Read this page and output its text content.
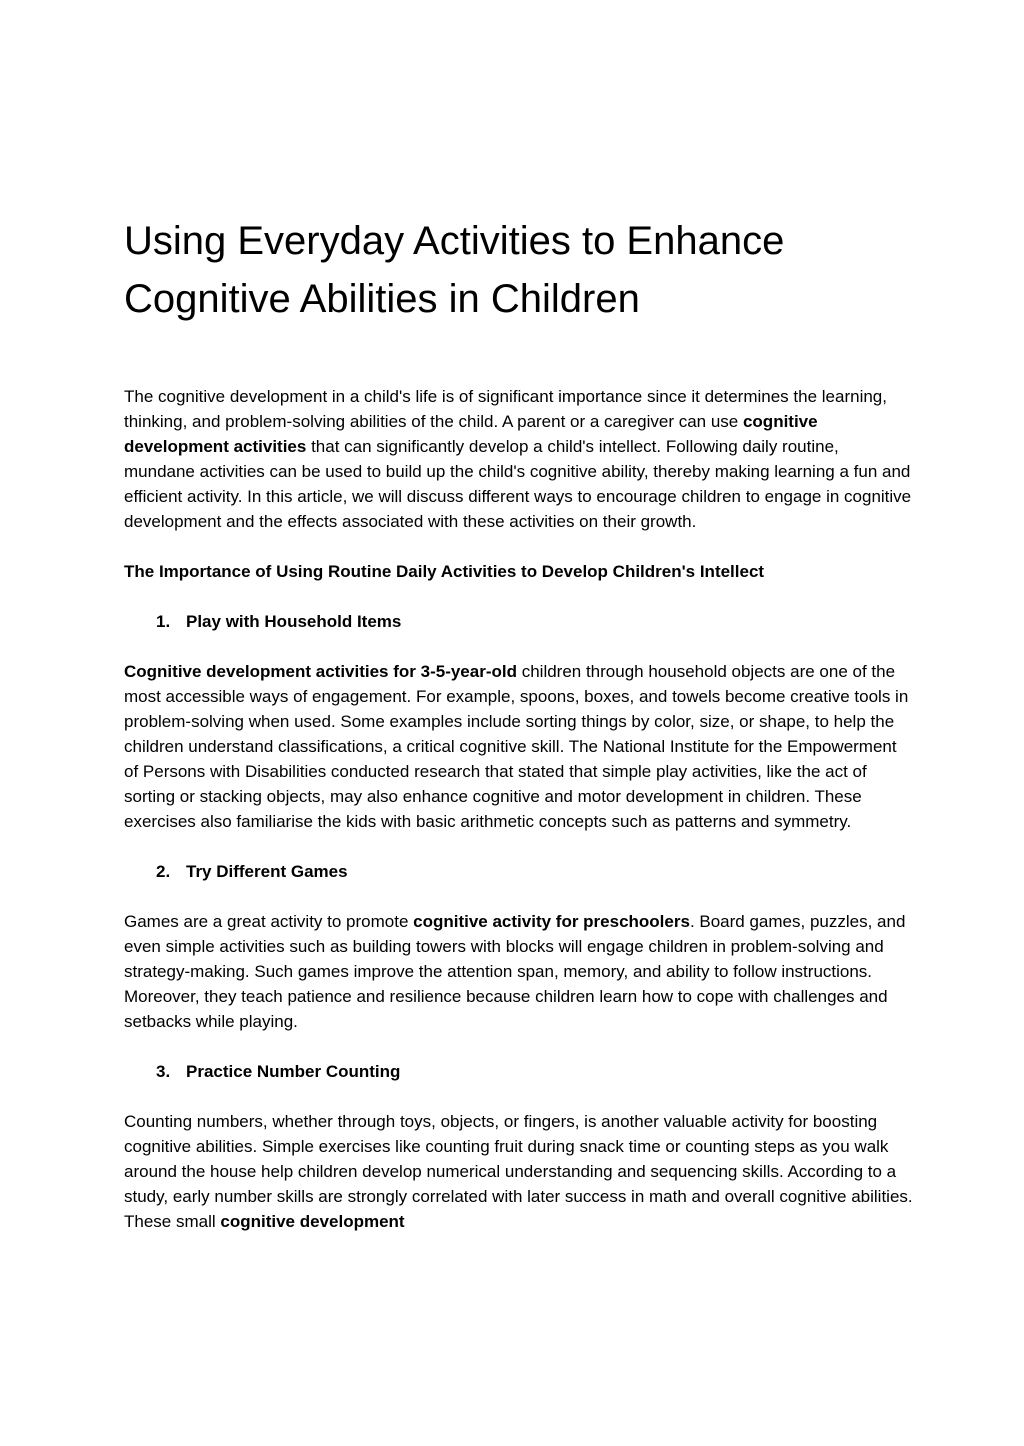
Using Everyday Activities to Enhance Cognitive Abilities in Children

The cognitive development in a child's life is of significant importance since it determines the learning, thinking, and problem-solving abilities of the child. A parent or a caregiver can use cognitive development activities that can significantly develop a child's intellect. Following daily routine, mundane activities can be used to build up the child's cognitive ability, thereby making learning a fun and efficient activity. In this article, we will discuss different ways to encourage children to engage in cognitive development and the effects associated with these activities on their growth.

The Importance of Using Routine Daily Activities to Develop Children's Intellect

1. Play with Household Items

Cognitive development activities for 3-5-year-old children through household objects are one of the most accessible ways of engagement. For example, spoons, boxes, and towels become creative tools in problem-solving when used. Some examples include sorting things by color, size, or shape, to help the children understand classifications, a critical cognitive skill. The National Institute for the Empowerment of Persons with Disabilities conducted research that stated that simple play activities, like the act of sorting or stacking objects, may also enhance cognitive and motor development in children. These exercises also familiarise the kids with basic arithmetic concepts such as patterns and symmetry.

2. Try Different Games

Games are a great activity to promote cognitive activity for preschoolers. Board games, puzzles, and even simple activities such as building towers with blocks will engage children in problem-solving and strategy-making. Such games improve the attention span, memory, and ability to follow instructions. Moreover, they teach patience and resilience because children learn how to cope with challenges and setbacks while playing.

3. Practice Number Counting

Counting numbers, whether through toys, objects, or fingers, is another valuable activity for boosting cognitive abilities. Simple exercises like counting fruit during snack time or counting steps as you walk around the house help children develop numerical understanding and sequencing skills. According to a study, early number skills are strongly correlated with later success in math and overall cognitive abilities. These small cognitive development
